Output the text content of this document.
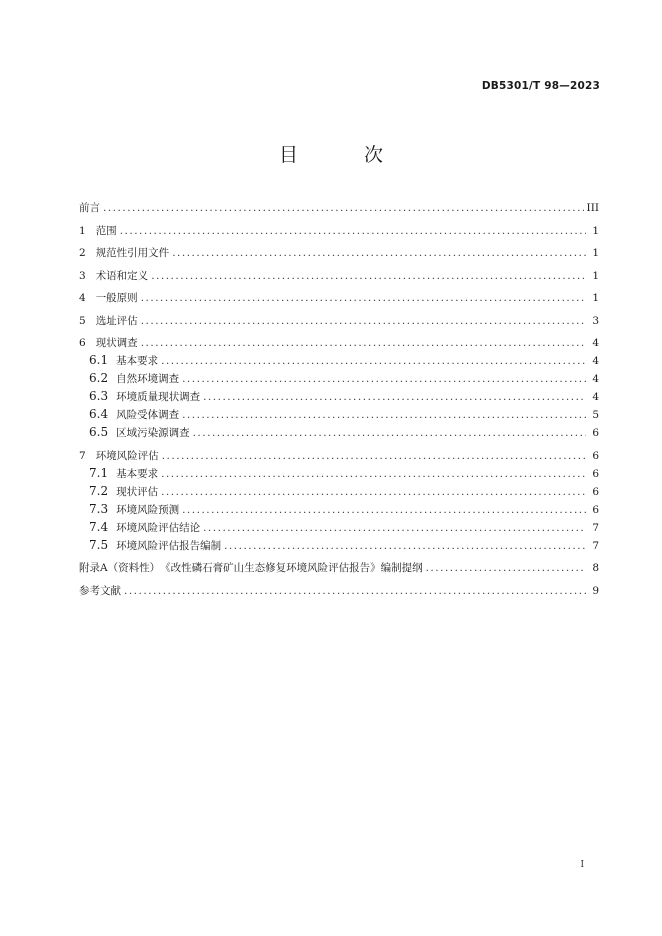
DB5301/T 98—2023
目 次
前言 .....	III
1 范围 .....	1
2 规范性引用文件 .....	1
3 术语和定义 .....	1
4 一般原则 .....	1
5 选址评估 .....	3
6 现状调查 .....	4
6.1 基本要求 .....	4
6.2 自然环境调查 .....	4
6.3 环境质量现状调查 .....	4
6.4 风险受体调查 .....	5
6.5 区域污染源调查 .....	6
7 环境风险评估 .....	6
7.1 基本要求 .....	6
7.2 现状评估 .....	6
7.3 环境风险预测 .....	6
7.4 环境风险评估结论 .....	7
7.5 环境风险评估报告编制 .....	7
附录A（资料性）　《改性磷石膏矿山生态修复环境风险评估报告》编制提纲 .....	8
参考文献 .....	9
I
